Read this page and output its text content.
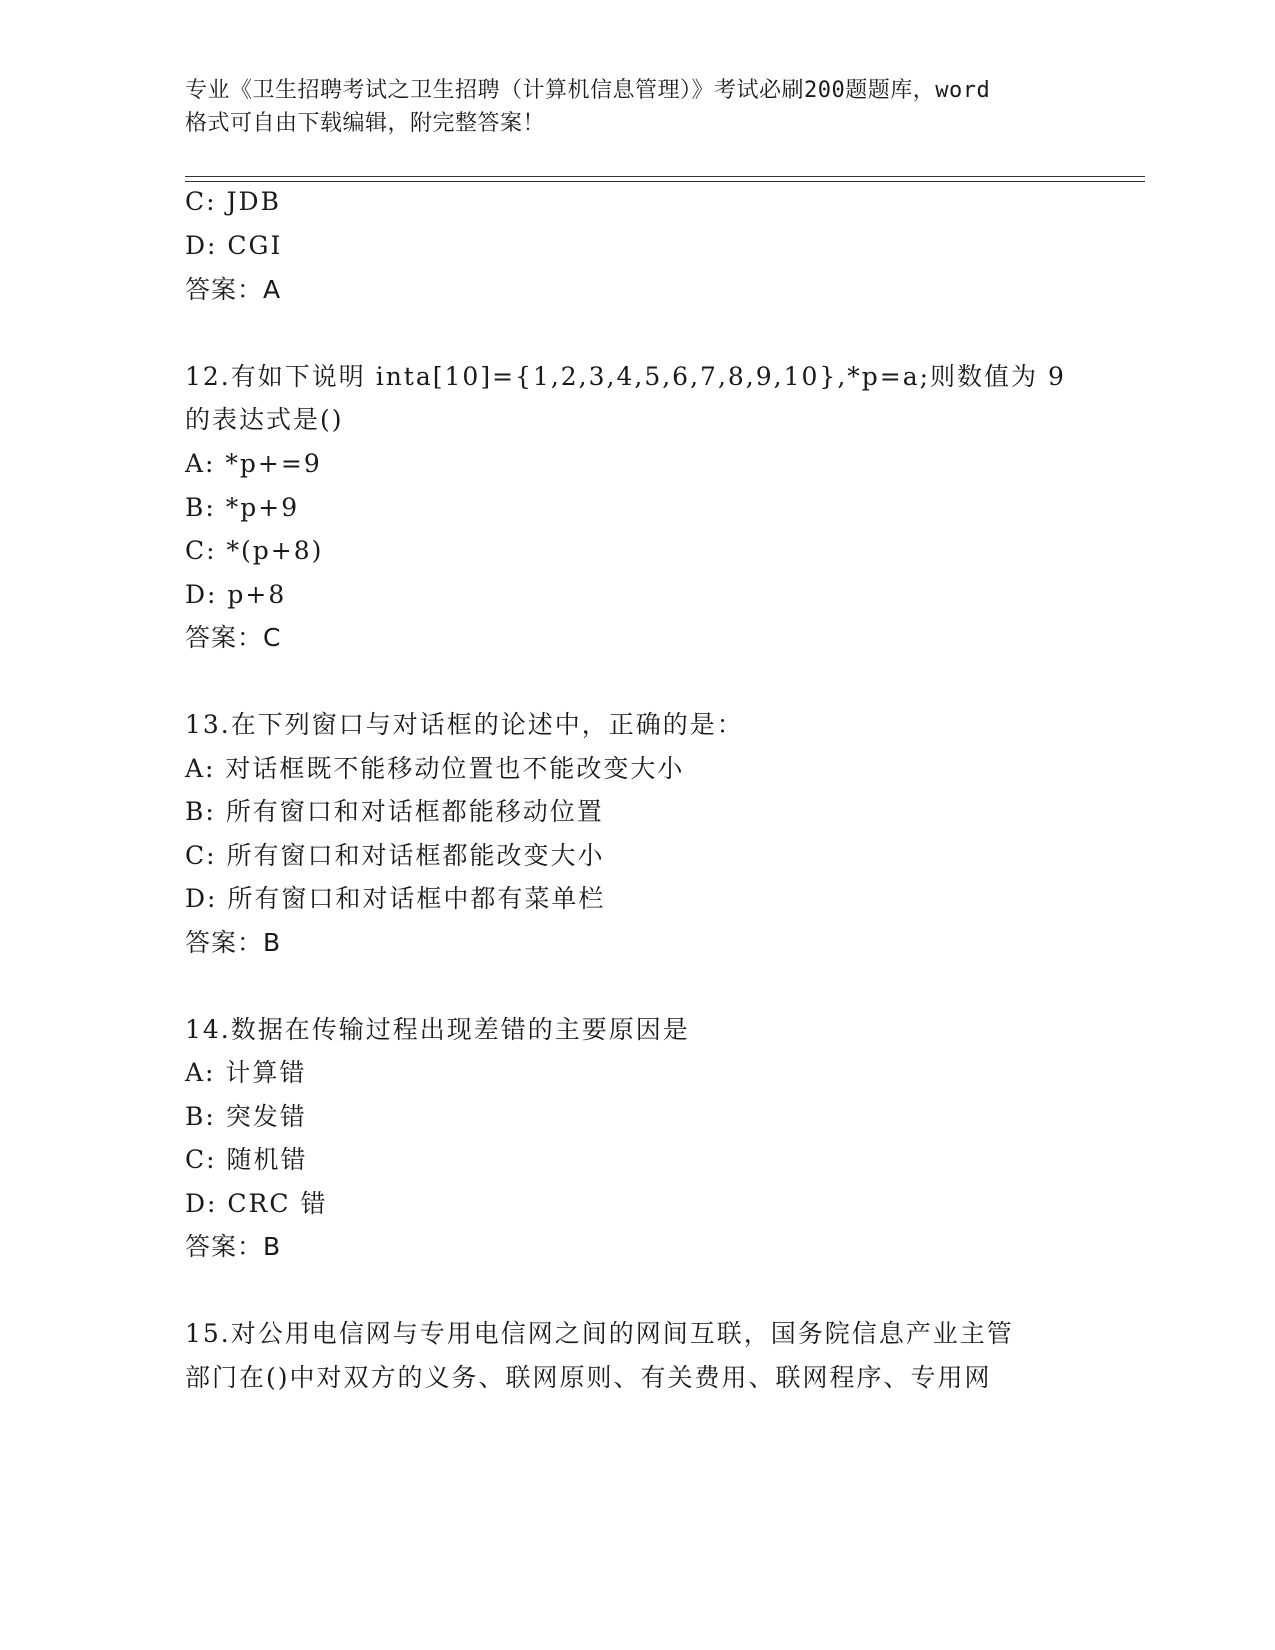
专业《卫生招聘考试之卫生招聘（计算机信息管理）》考试必刷200题题库，word
格式可自由下载编辑，附完整答案！
C: JDB
D: CGI
答案：A
12.有如下说明 inta[10]={1,2,3,4,5,6,7,8,9,10},*p=a;则数值为 9
的表达式是()
A: *p+=9
B: *p+9
C: *(p+8)
D: p+8
答案：C
13.在下列窗口与对话框的论述中，正确的是：
A: 对话框既不能移动位置也不能改变大小
B: 所有窗口和对话框都能移动位置
C: 所有窗口和对话框都能改变大小
D: 所有窗口和对话框中都有菜单栏
答案：B
14.数据在传输过程出现差错的主要原因是
A: 计算错
B: 突发错
C: 随机错
D: CRC 错
答案：B
15.对公用电信网与专用电信网之间的网间互联，国务院信息产业主管
部门在()中对双方的义务、联网原则、有关费用、联网程序、专用网
